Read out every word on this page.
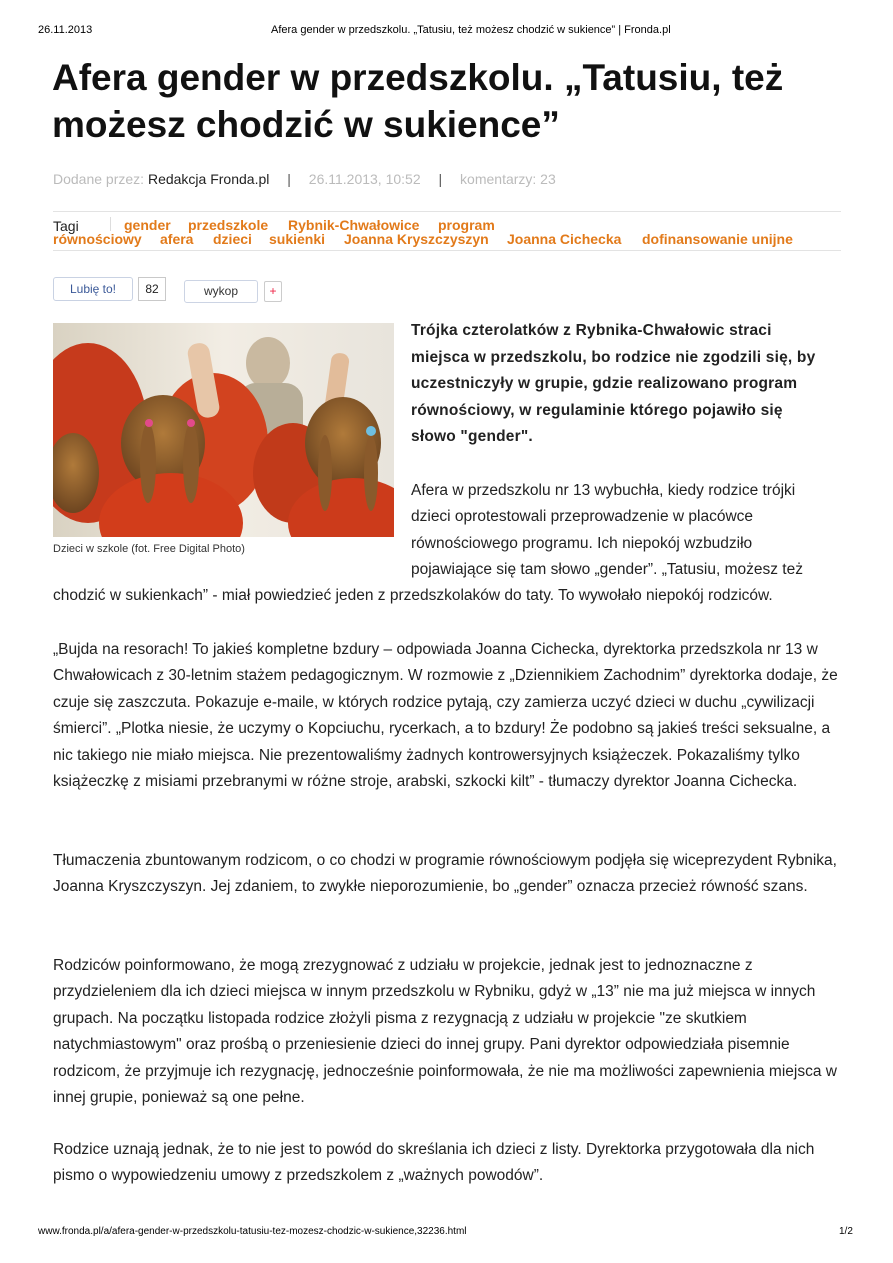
26.11.2013	Afera gender w przedszkolu. „Tatusiu, też możesz chodzić w sukience” | Fronda.pl
Afera gender w przedszkolu. „Tatusiu, też możesz chodzić w sukience”
Dodane przez: Redakcja Fronda.pl | 26.11.2013, 10:52 | komentarzy: 23
Tagi	gender przedszkole Rybnik-Chwałowice program
równościowy afera dzieci sukienki Joanna Kryszczyszyn Joanna Cichecka dofinansowanie unijne
Lubię to!	82	wykop	+
Dzieci w szkole (fot. Free Digital Photo)

Trójka czterolatków z Rybnika-Chwałowic straci miejsca w przedszkolu, bo rodzice nie zgodzili się, by uczestniczyły w grupie, gdzie realizowano program równościowy, w regulaminie którego pojawiło się słowo "gender".

Afera w przedszkolu nr 13 wybuchła, kiedy rodzice trójki
dzieci oprotestowali przeprowadzenie w placówce
równościowego programu. Ich niepokój wzbudziło
pojawiające się tam słowo „gender”. „Tatusiu, możesz też
chodzić w sukienkach” - miał powiedzieć jeden z przedszkolaków do taty. To wywołało niepokój rodziców.

„Bujda na resorach! To jakieś kompletne bzdury – odpowiada Joanna Cichecka, dyrektorka przedszkola nr 13 w Chwałowicach z 30-letnim stażem pedagogicznym. W rozmowie z „Dziennikiem Zachodnim” dyrektorka dodaje, że czuje się zaszczuta. Pokazuje e-maile, w których rodzice pytają, czy zamierza uczyć dzieci w duchu „cywilizacji śmierci”. „Plotka niesie, że uczymy o Kopciuchu, rycerkach, a to bzdury! Że podobno są jakieś treści seksualne, a nic takiego nie miało miejsca. Nie prezentowaliśmy żadnych kontrowersyjnych książeczek. Pokazaliśmy tylko książeczkę z misiami przebranymi w różne stroje, arabski, szkocki kilt” - tłumaczy dyrektor Joanna Cichecka.

Tłumaczenia zbuntowanym rodzicom, o co chodzi w programie równościowym podjęła się wiceprezydent Rybnika, Joanna Kryszczyszyn. Jej zdaniem, to zwykłe nieporozumienie, bo „gender” oznacza przecież równość szans.

Rodziców poinformowano, że mogą zrezygnować z udziału w projekcie, jednak jest to jednoznaczne z przydzieleniem dla ich dzieci miejsca w innym przedszkolu w Rybniku, gdyż w „13” nie ma już miejsca w innych grupach. Na początku listopada rodzice złożyli pisma z rezygnacją z udziału w projekcie "ze skutkiem natychmiastowym" oraz prośbą o przeniesienie dzieci do innej grupy. Pani dyrektor odpowiedziała pisemnie rodzicom, że przyjmuje ich rezygnację, jednocześnie poinformowała, że nie ma możliwości zapewnienia miejsca w innej grupie, ponieważ są one pełne.

Rodzice uznają jednak, że to nie jest to powód do skreślania ich dzieci z listy. Dyrektorka przygotowała dla nich pismo o wypowiedzeniu umowy z przedszkolem z „ważnych powodów”.

www.fronda.pl/a/afera-gender-w-przedszkolu-tatusiu-tez-mozesz-chodzic-w-sukience,32236.html	1/2
